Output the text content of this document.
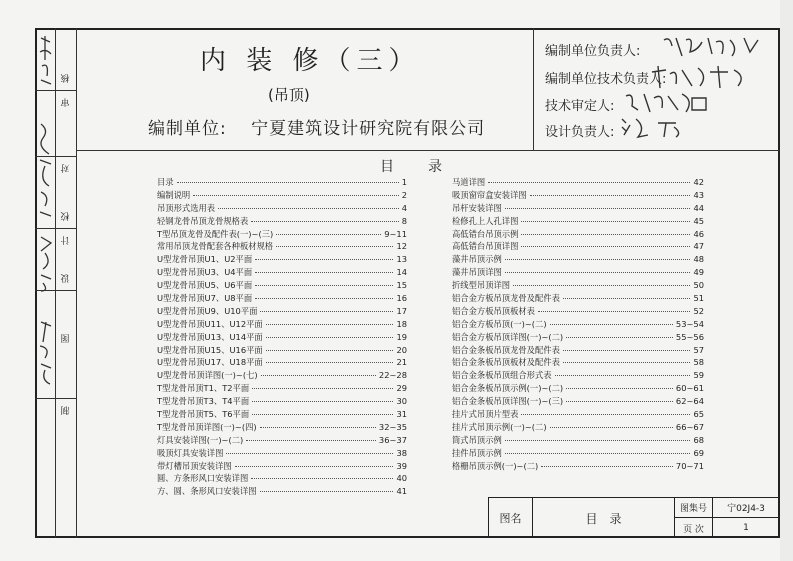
核
审
对
校
计
设
图
制
内 装 修（三）
(吊顶)
编制单位: 宁夏建筑设计研究院有限公司
编制单位负责人:
编制单位技术负责人:
技术审定人:
设计负责人:
目　　录
目录	1
编制说明	2
吊顶形式选用表	4
轻钢龙骨吊顶龙骨规格表	8
T型吊顶龙骨及配件表(一)~(三)	9~11
常用吊顶龙骨配套各种板材规格	12
U型龙骨吊顶U1、U2平面	13
U型龙骨吊顶U3、U4平面	14
U型龙骨吊顶U5、U6平面	15
U型龙骨吊顶U7、U8平面	16
U型龙骨吊顶U9、U10平面	17
U型龙骨吊顶U11、U12平面	18
U型龙骨吊顶U13、U14平面	19
U型龙骨吊顶U15、U16平面	20
U型龙骨吊顶U17、U18平面	21
U型龙骨吊顶详图(一)~(七)	22~28
T型龙骨吊顶T1、T2平面	29
T型龙骨吊顶T3、T4平面	30
T型龙骨吊顶T5、T6平面	31
T型龙骨吊顶详图(一)~(四)	32~35
灯具安装详图(一)~(二)	36~37
吸顶灯具安装详图	38
带灯槽吊顶安装详图	39
圆、方条形风口安装详图	40
方、圆、条形风口安装详图	41
马道详图	42
吸顶窗帘盒安装详图	43
吊杆安装详图	44
检修孔上人孔详图	45
高低错台吊顶示例	46
高低错台吊顶详图	47
藻井吊顶示例	48
藻井吊顶详图	49
折线型吊顶详图	50
铝合金方板吊顶龙骨及配件表	51
铝合金方板吊顶板材表	52
铝合金方板吊顶(一)~(二)	53~54
铝合金方板吊顶详图(一)~(二)	55~56
铝合金条板吊顶龙骨及配件表	57
铝合金条板吊顶板材及配件表	58
铝合金条板吊顶组合形式表	59
铝合金条板吊顶示例(一)~(二)	60~61
铝合金条板吊顶详图(一)~(三)	62~64
挂片式吊顶片型表	65
挂片式吊顶示例(一)~(二)	66~67
筒式吊顶示例	68
挂件吊顶示例	69
格栅吊顶示例(一)~(二)	70~71
图名	目　录
图集号	宁02J4-3
页 次	1
